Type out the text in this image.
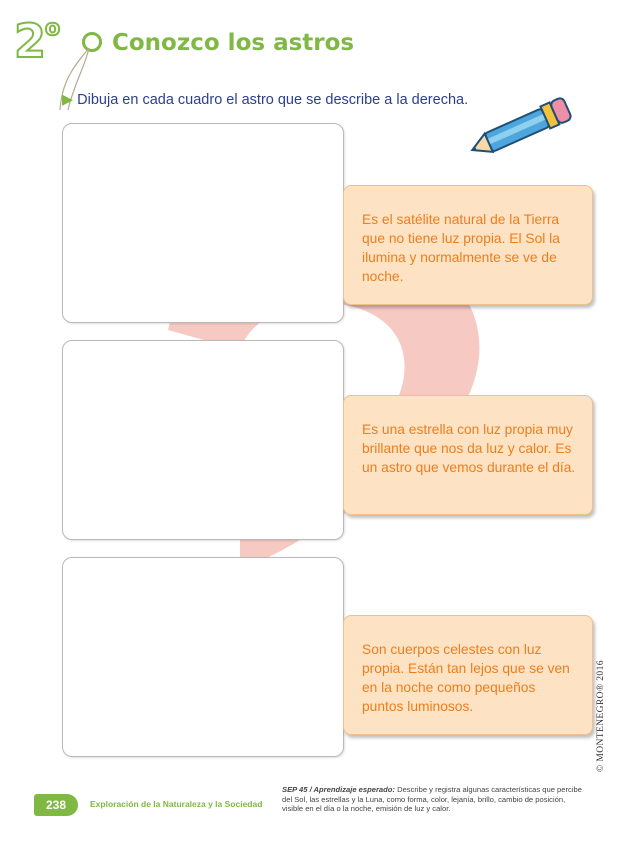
2$^o$
Conozco los astros
▶ Dibuja en cada cuadro el astro que se describe a la derecha.

Es el satélite natural de la Tierra que no tiene luz propia. El Sol la ilumina y normalmente se ve de noche.

Es una estrella con luz propia muy brillante que nos da luz y calor. Es un astro que vemos durante el día.

Son cuerpos celestes con luz propia. Están tan lejos que se ven en la noche como pequeños puntos luminosos.	© MONTENEGRO® 2016
238	Exploración de la Naturaleza y la Sociedad
SEP 45 / Aprendizaje esperado: Describe y registra algunas características que percibe del Sol, las estrellas y la Luna, como forma, color, lejanía, brillo, cambio de posición, visible en el día o la noche, emisión de luz y calor.
